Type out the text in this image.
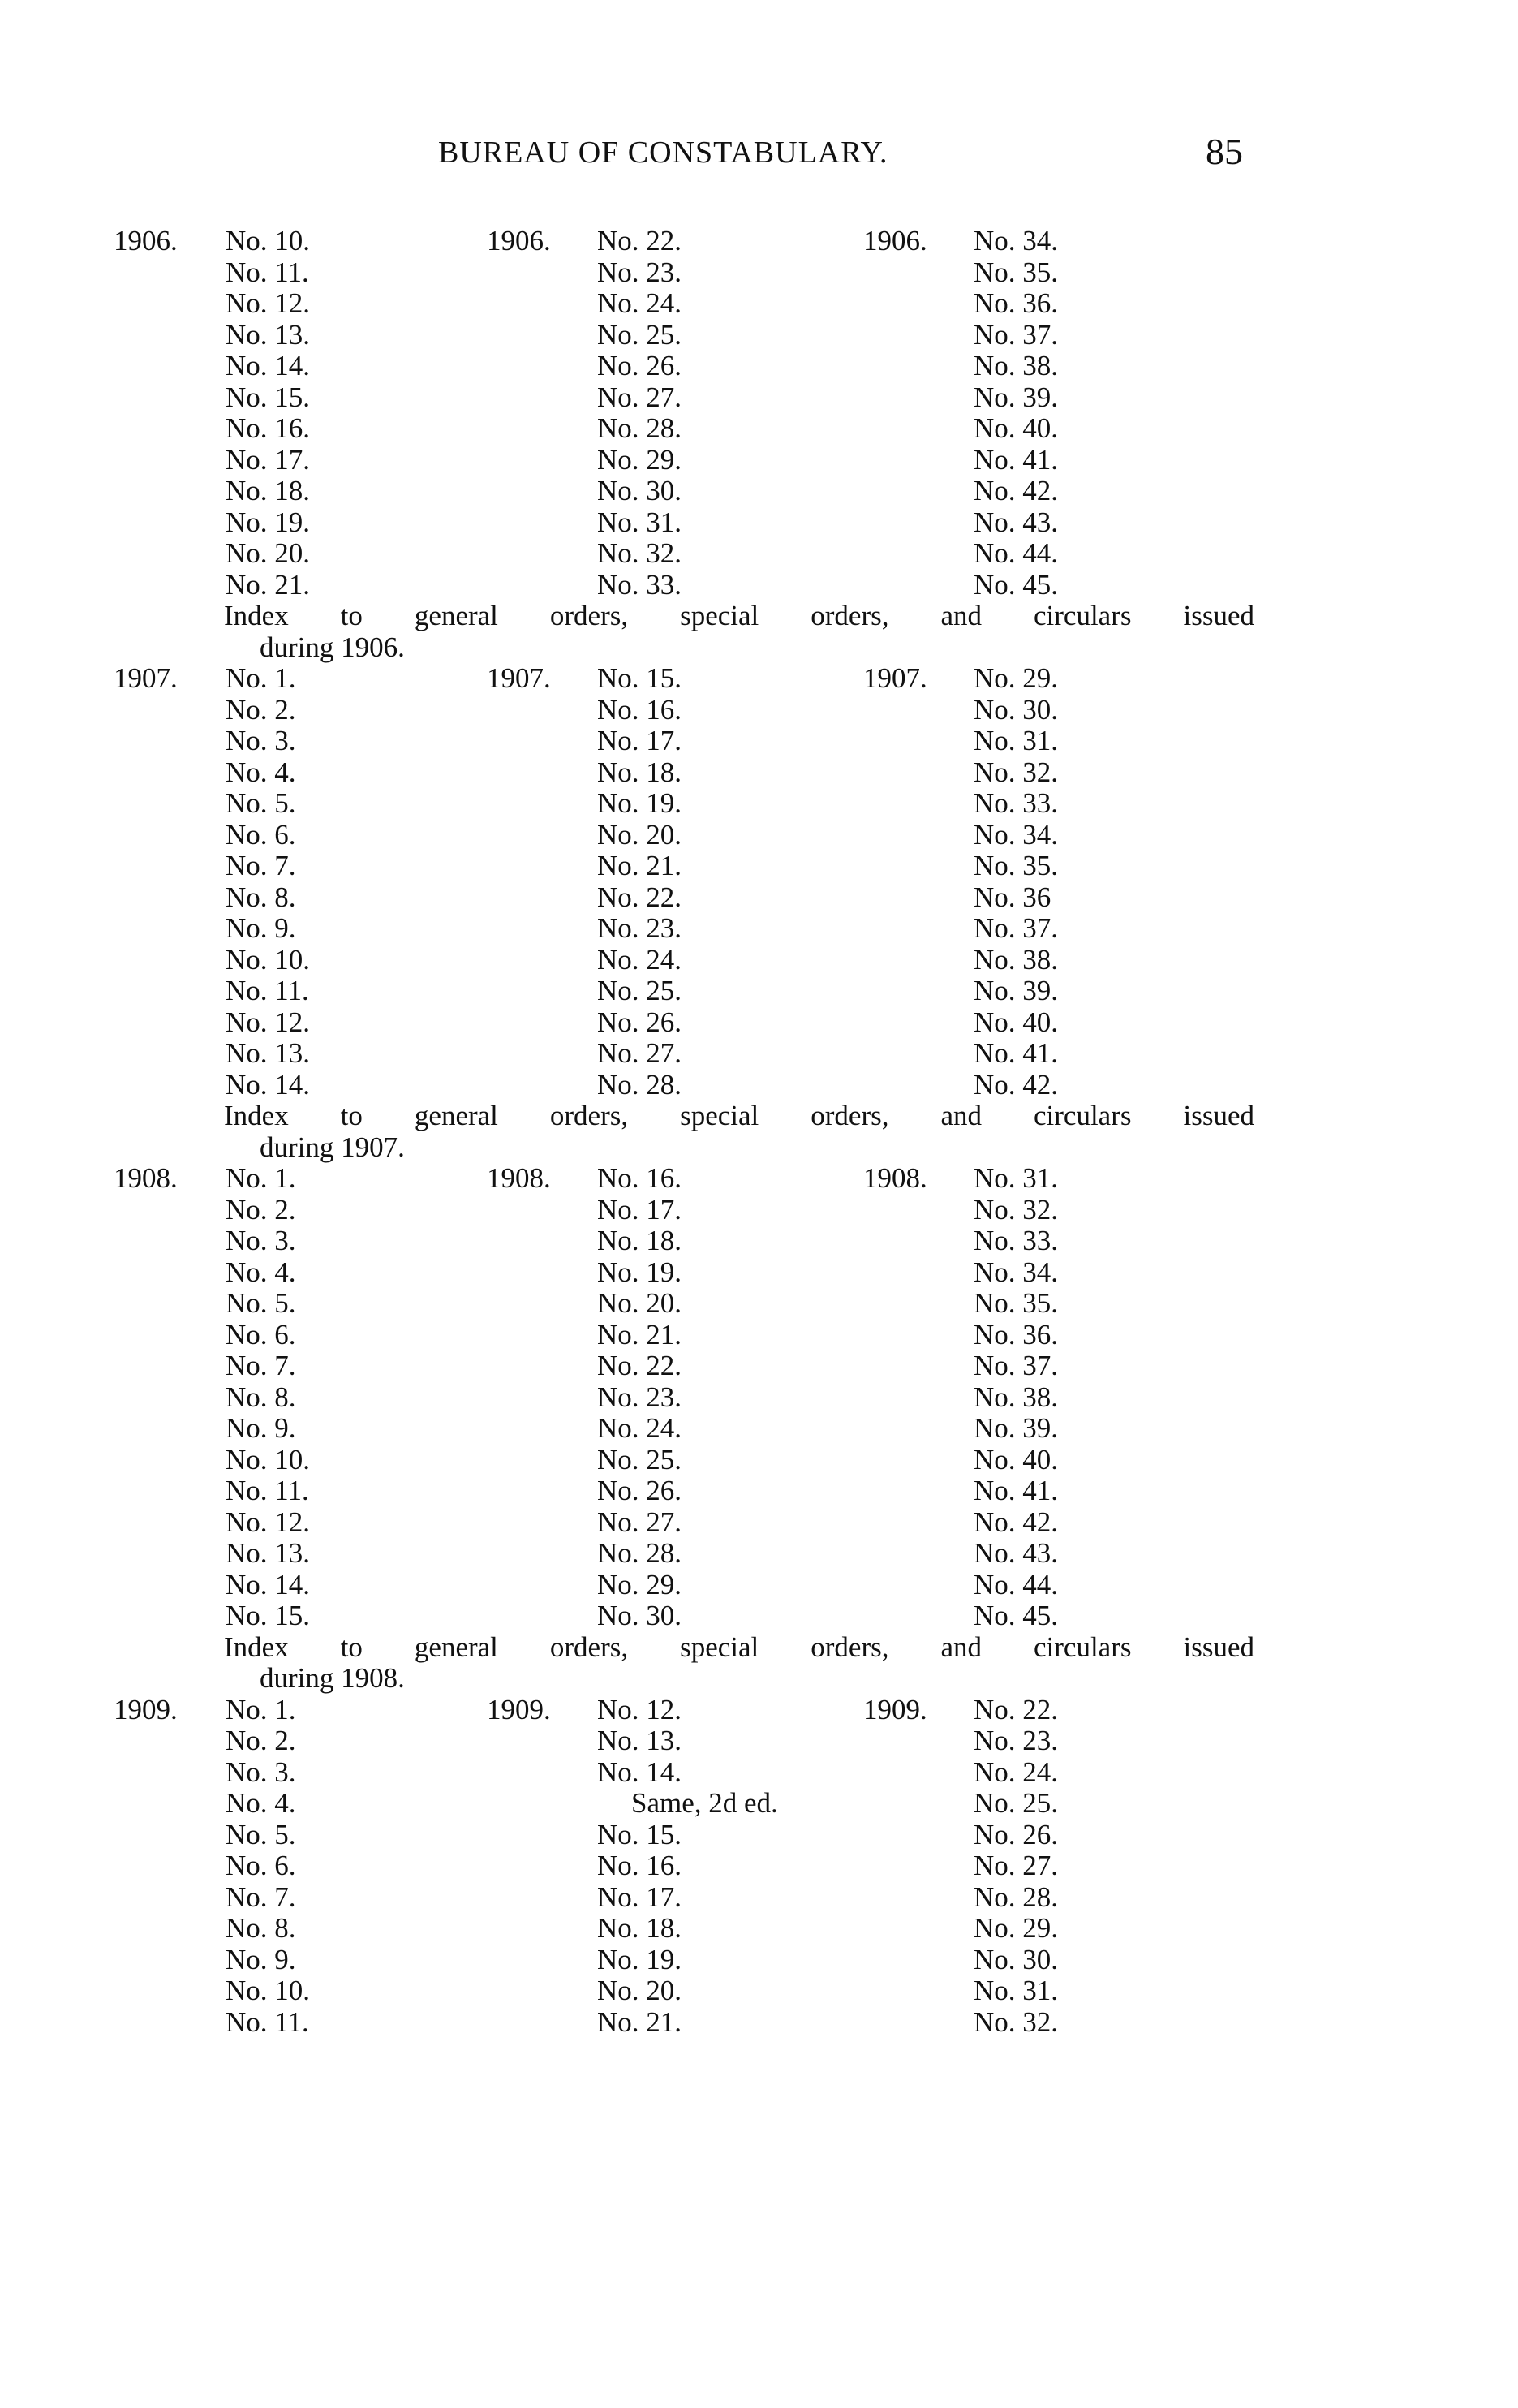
BUREAU OF CONSTABULARY.	85
1906. No. 10.
No. 11.
No. 12.
No. 13.
No. 14.
No. 15.
No. 16.
No. 17.
No. 18.
No. 19.
No. 20.
No. 21.
1906. No. 22.
No. 23.
No. 24.
No. 25.
No. 26.
No. 27.
No. 28.
No. 29.
No. 30.
No. 31.
No. 32.
No. 33.
1906. No. 34.
No. 35.
No. 36.
No. 37.
No. 38.
No. 39.
No. 40.
No. 41.
No. 42.
No. 43.
No. 44.
No. 45.
Index to general orders, special orders, and circulars issued
during 1906.
1907. No. 1.
No. 2.
No. 3.
No. 4.
No. 5.
No. 6.
No. 7.
No. 8.
No. 9.
No. 10.
No. 11.
No. 12.
No. 13.
No. 14.
1907. No. 15.
No. 16.
No. 17.
No. 18.
No. 19.
No. 20.
No. 21.
No. 22.
No. 23.
No. 24.
No. 25.
No. 26.
No. 27.
No. 28.
1907. No. 29.
No. 30.
No. 31.
No. 32.
No. 33.
No. 34.
No. 35.
No. 36
No. 37.
No. 38.
No. 39.
No. 40.
No. 41.
No. 42.
Index to general orders, special orders, and circulars issued
during 1907.
1908. No. 1.
No. 2.
No. 3.
No. 4.
No. 5.
No. 6.
No. 7.
No. 8.
No. 9.
No. 10.
No. 11.
No. 12.
No. 13.
No. 14.
No. 15.
1908. No. 16.
No. 17.
No. 18.
No. 19.
No. 20.
No. 21.
No. 22.
No. 23.
No. 24.
No. 25.
No. 26.
No. 27.
No. 28.
No. 29.
No. 30.
1908. No. 31.
No. 32.
No. 33.
No. 34.
No. 35.
No. 36.
No. 37.
No. 38.
No. 39.
No. 40.
No. 41.
No. 42.
No. 43.
No. 44.
No. 45.
Index to general orders, special orders, and circulars issued
during 1908.
1909. No. 1.
No. 2.
No. 3.
No. 4.
No. 5.
No. 6.
No. 7.
No. 8.
No. 9.
No. 10.
No. 11.
1909. No. 12.
No. 13.
No. 14.
Same, 2d ed.
No. 15.
No. 16.
No. 17.
No. 18.
No. 19.
No. 20.
No. 21.
1909. No. 22.
No. 23.
No. 24.
No. 25.
No. 26.
No. 27.
No. 28.
No. 29.
No. 30.
No. 31.
No. 32.
